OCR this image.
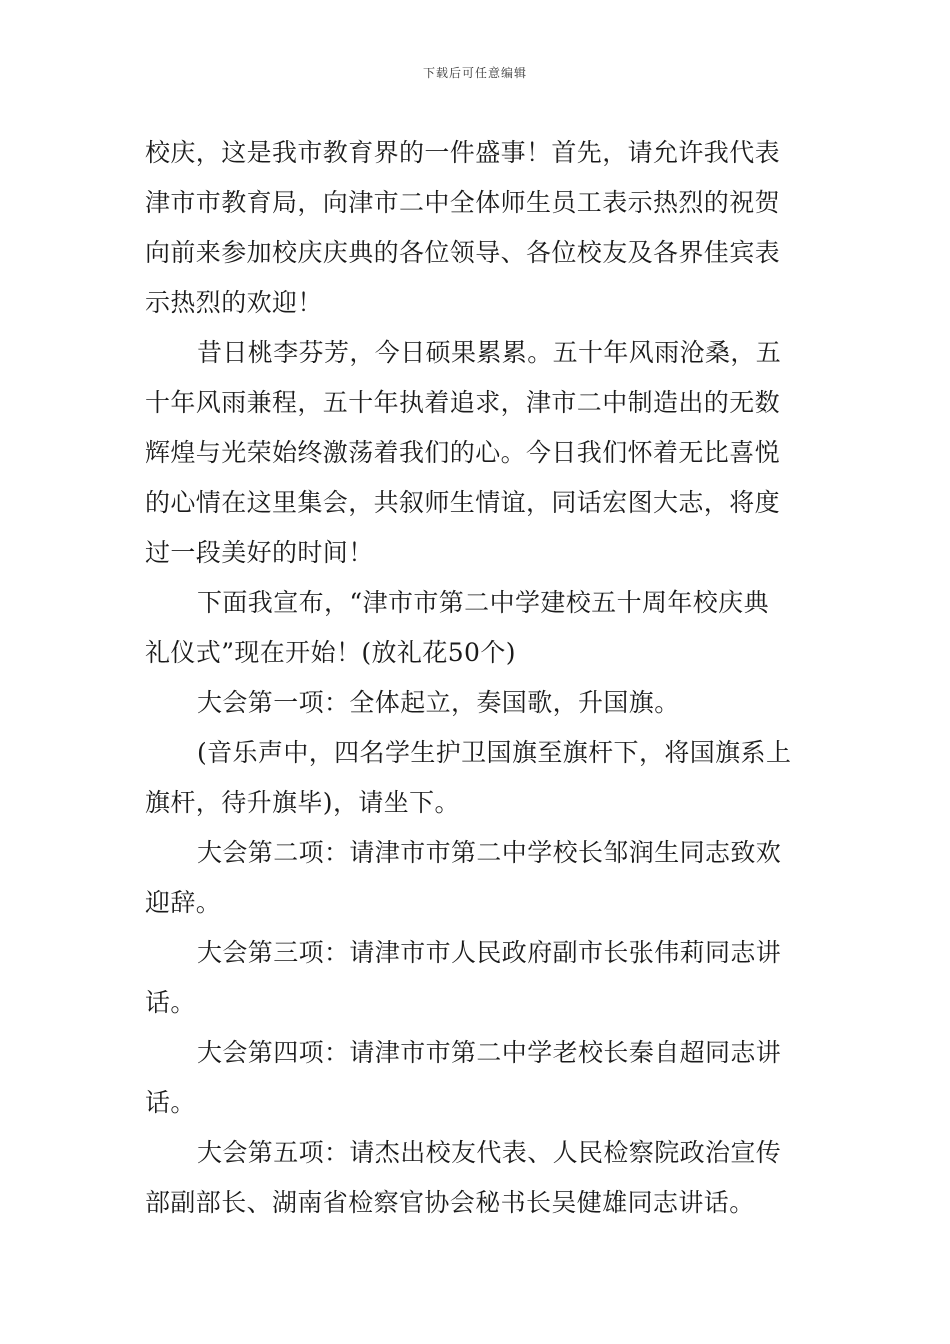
下载后可任意编辑
校庆，这是我市教育界的一件盛事！首先，请允许我代表
津市市教育局，向津市二中全体师生员工表示热烈的祝贺
向前来参加校庆庆典的各位领导、各位校友及各界佳宾表
示热烈的欢迎！
昔日桃李芬芳，今日硕果累累。五十年风雨沧桑，五
十年风雨兼程，五十年执着追求，津市二中制造出的无数
辉煌与光荣始终激荡着我们的心。今日我们怀着无比喜悦
的心情在这里集会，共叙师生情谊，同话宏图大志，将度
过一段美好的时间！
下面我宣布，“津市市第二中学建校五十周年校庆典
礼仪式”现在开始！(放礼花50个)
大会第一项：全体起立，奏国歌，升国旗。
(音乐声中，四名学生护卫国旗至旗杆下，将国旗系上
旗杆，待升旗毕)，请坐下。
大会第二项：请津市市第二中学校长邹润生同志致欢
迎辞。
大会第三项：请津市市人民政府副市长张伟莉同志讲
话。
大会第四项：请津市市第二中学老校长秦自超同志讲
话。
大会第五项：请杰出校友代表、人民检察院政治宣传
部副部长、湖南省检察官协会秘书长吴健雄同志讲话。
